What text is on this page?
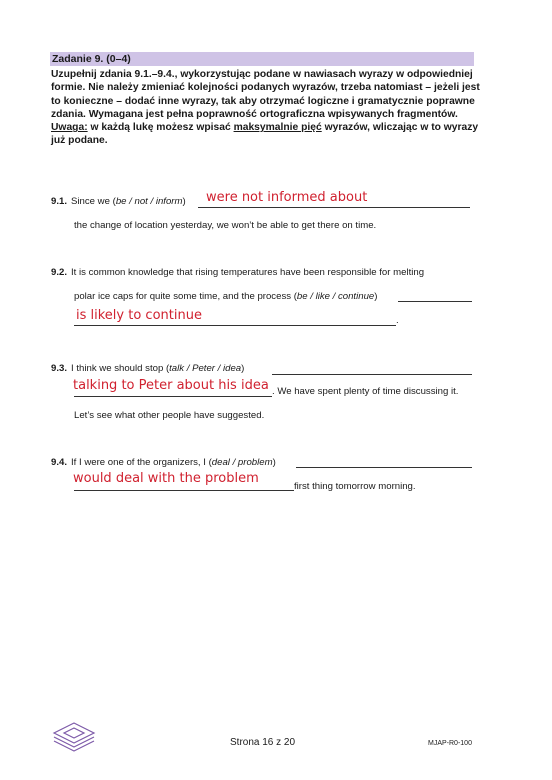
Zadanie 9. (0–4)

Uzupełnij zdania 9.1.–9.4., wykorzystując podane w nawiasach wyrazy w odpowiedniej formie. Nie należy zmieniać kolejności podanych wyrazów, trzeba natomiast – jeżeli jest to konieczne – dodać inne wyrazy, tak aby otrzymać logiczne i gramatycznie poprawne zdania. Wymagana jest pełna poprawność ortograficzna wpisywanych fragmentów.

Uwaga: w każdą lukę możesz wpisać maksymalnie pięć wyrazów, wliczając w to wyrazy już podane.

9.1. Since we (be / not / inform) were not informed about
the change of location yesterday, we won’t be able to get there on time.
9.2. It is common knowledge that rising temperatures have been responsible for melting
polar ice caps for quite some time, and the process (be / like / continue)
is likely to continue	.
9.3. I think we should stop (talk / Peter / idea)
talking to Peter about his idea . We have spent plenty of time discussing it.
Let’s see what other people have suggested.
9.4. If I were one of the organizers, I (deal / problem)
would deal with the problem
first thing tomorrow morning.
Strona 16 z 20	MJAP-R0-100
